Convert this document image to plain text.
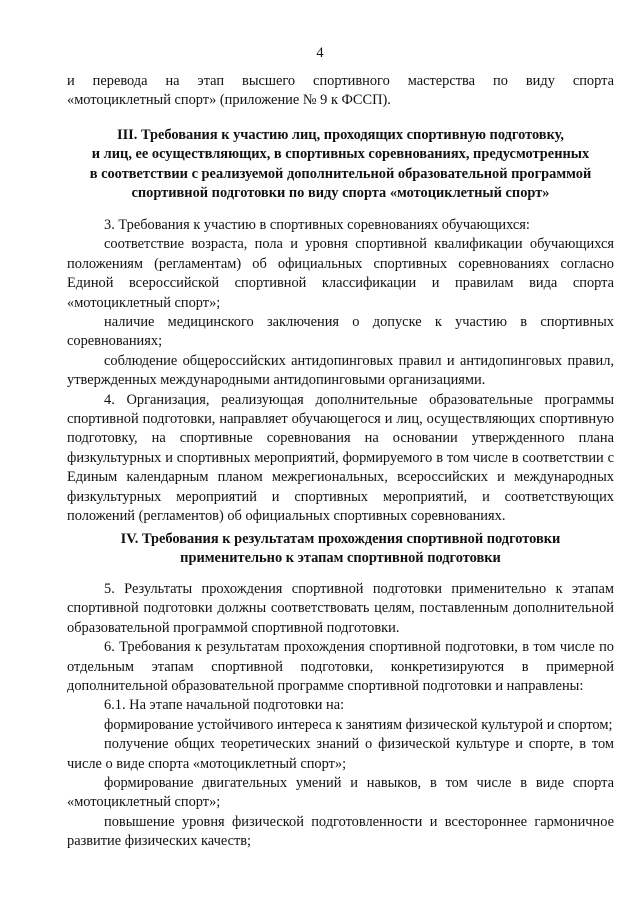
4

и перевода на этап высшего спортивного мастерства по виду спорта

«мотоциклетный спорт» (приложение № 9 к ФССП).

III. Требования к участию лиц, проходящих спортивную подготовку,
и лиц, ее осуществляющих, в спортивных соревнованиях, предусмотренных
в соответствии с реализуемой дополнительной образовательной программой
спортивной подготовки по виду спорта «мотоциклетный спорт»

3. Требования к участию в спортивных соревнованиях обучающихся:

соответствие возраста, пола и уровня спортивной квалификации обучающихся положениям (регламентам) об официальных спортивных соревнованиях согласно Единой всероссийской спортивной классификации и правилам вида спорта «мотоциклетный спорт»;

наличие медицинского заключения о допуске к участию в спортивных соревнованиях;

соблюдение общероссийских антидопинговых правил и антидопинговых правил, утвержденных международными антидопинговыми организациями.

4. Организация, реализующая дополнительные образовательные программы спортивной подготовки, направляет обучающегося и лиц, осуществляющих спортивную подготовку, на спортивные соревнования на основании утвержденного плана физкультурных и спортивных мероприятий, формируемого в том числе в соответствии с Единым календарным планом межрегиональных, всероссийских и международных физкультурных мероприятий и спортивных мероприятий, и соответствующих положений (регламентов) об официальных спортивных соревнованиях.

IV. Требования к результатам прохождения спортивной подготовки
применительно к этапам спортивной подготовки

5. Результаты прохождения спортивной подготовки применительно к этапам спортивной подготовки должны соответствовать целям, поставленным дополнительной образовательной программой спортивной подготовки.

6. Требования к результатам прохождения спортивной подготовки, в том числе по отдельным этапам спортивной подготовки, конкретизируются в примерной дополнительной образовательной программе спортивной подготовки и направлены:

6.1. На этапе начальной подготовки на:

формирование устойчивого интереса к занятиям физической культурой и спортом;

получение общих теоретических знаний о физической культуре и спорте, в том числе о виде спорта «мотоциклетный спорт»;

формирование двигательных умений и навыков, в том числе в виде спорта «мотоциклетный спорт»;

повышение уровня физической подготовленности и всестороннее гармоничное развитие физических качеств;
